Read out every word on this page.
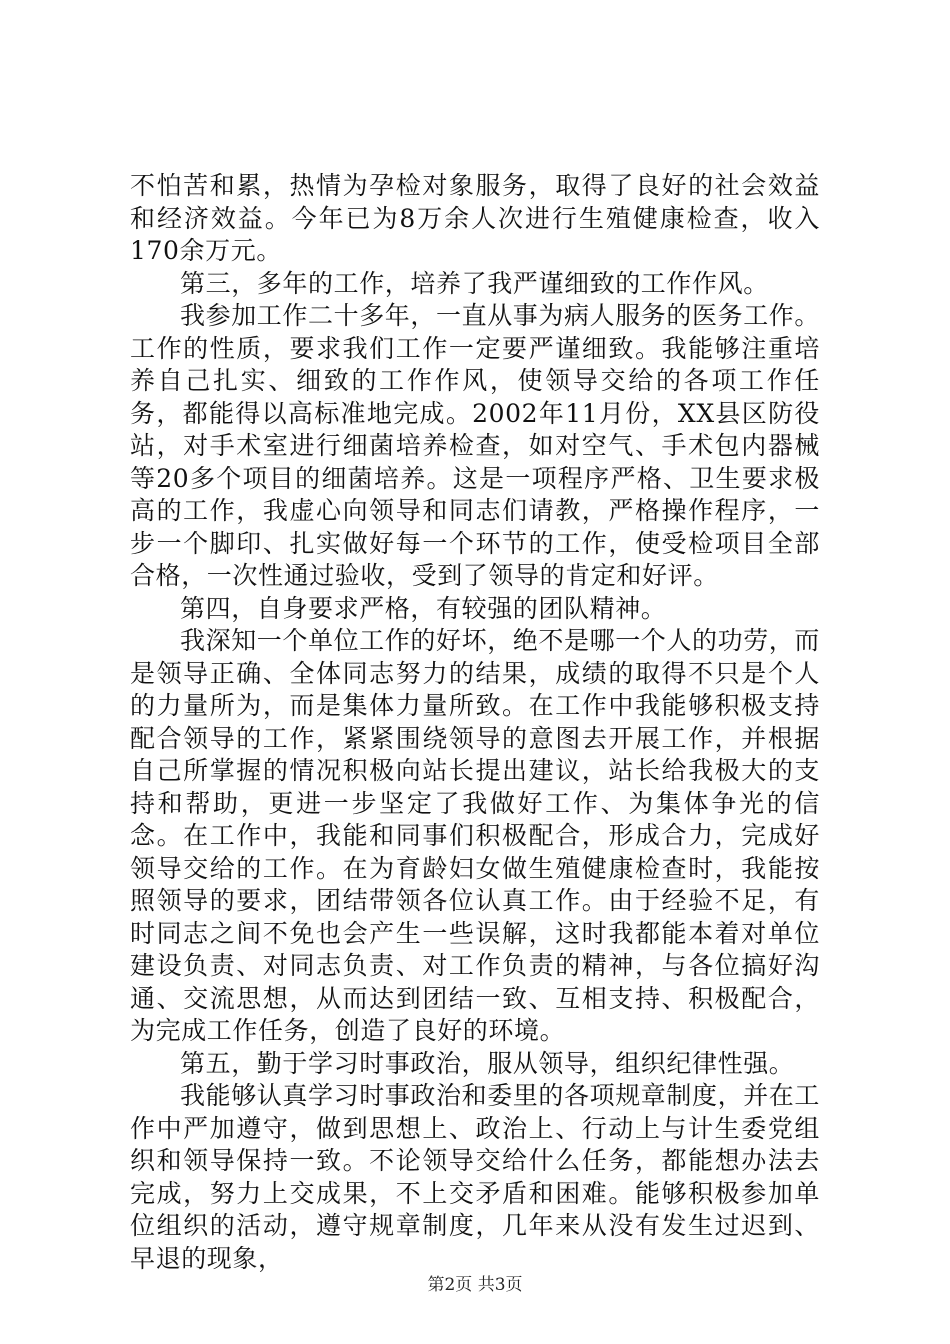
不怕苦和累，热情为孕检对象服务，取得了良好的社会效益和经济效益。今年已为8万余人次进行生殖健康检查，收入170余万元。

第三，多年的工作，培养了我严谨细致的工作作风。

我参加工作二十多年，一直从事为病人服务的医务工作。工作的性质，要求我们工作一定要严谨细致。我能够注重培养自己扎实、细致的工作作风，使领导交给的各项工作任务，都能得以高标准地完成。2002年11月份，XX县区防役站，对手术室进行细菌培养检查，如对空气、手术包内器械等20多个项目的细菌培养。这是一项程序严格、卫生要求极高的工作，我虚心向领导和同志们请教，严格操作程序，一步一个脚印、扎实做好每一个环节的工作，使受检项目全部合格，一次性通过验收，受到了领导的肯定和好评。

第四，自身要求严格，有较强的团队精神。

我深知一个单位工作的好坏，绝不是哪一个人的功劳，而是领导正确、全体同志努力的结果，成绩的取得不只是个人的力量所为，而是集体力量所致。在工作中我能够积极支持配合领导的工作，紧紧围绕领导的意图去开展工作，并根据自己所掌握的情况积极向站长提出建议，站长给我极大的支持和帮助，更进一步坚定了我做好工作、为集体争光的信念。在工作中，我能和同事们积极配合，形成合力，完成好领导交给的工作。在为育龄妇女做生殖健康检查时，我能按照领导的要求，团结带领各位认真工作。由于经验不足，有时同志之间不免也会产生一些误解，这时我都能本着对单位建设负责、对同志负责、对工作负责的精神，与各位搞好沟通、交流思想，从而达到团结一致、互相支持、积极配合，为完成工作任务，创造了良好的环境。

第五，勤于学习时事政治，服从领导，组织纪律性强。

我能够认真学习时事政治和委里的各项规章制度，并在工作中严加遵守，做到思想上、政治上、行动上与计生委党组织和领导保持一致。不论领导交给什么任务，都能想办法去完成，努力上交成果，不上交矛盾和困难。能够积极参加单位组织的活动，遵守规章制度，几年来从没有发生过迟到、早退的现象，

第2页 共3页
